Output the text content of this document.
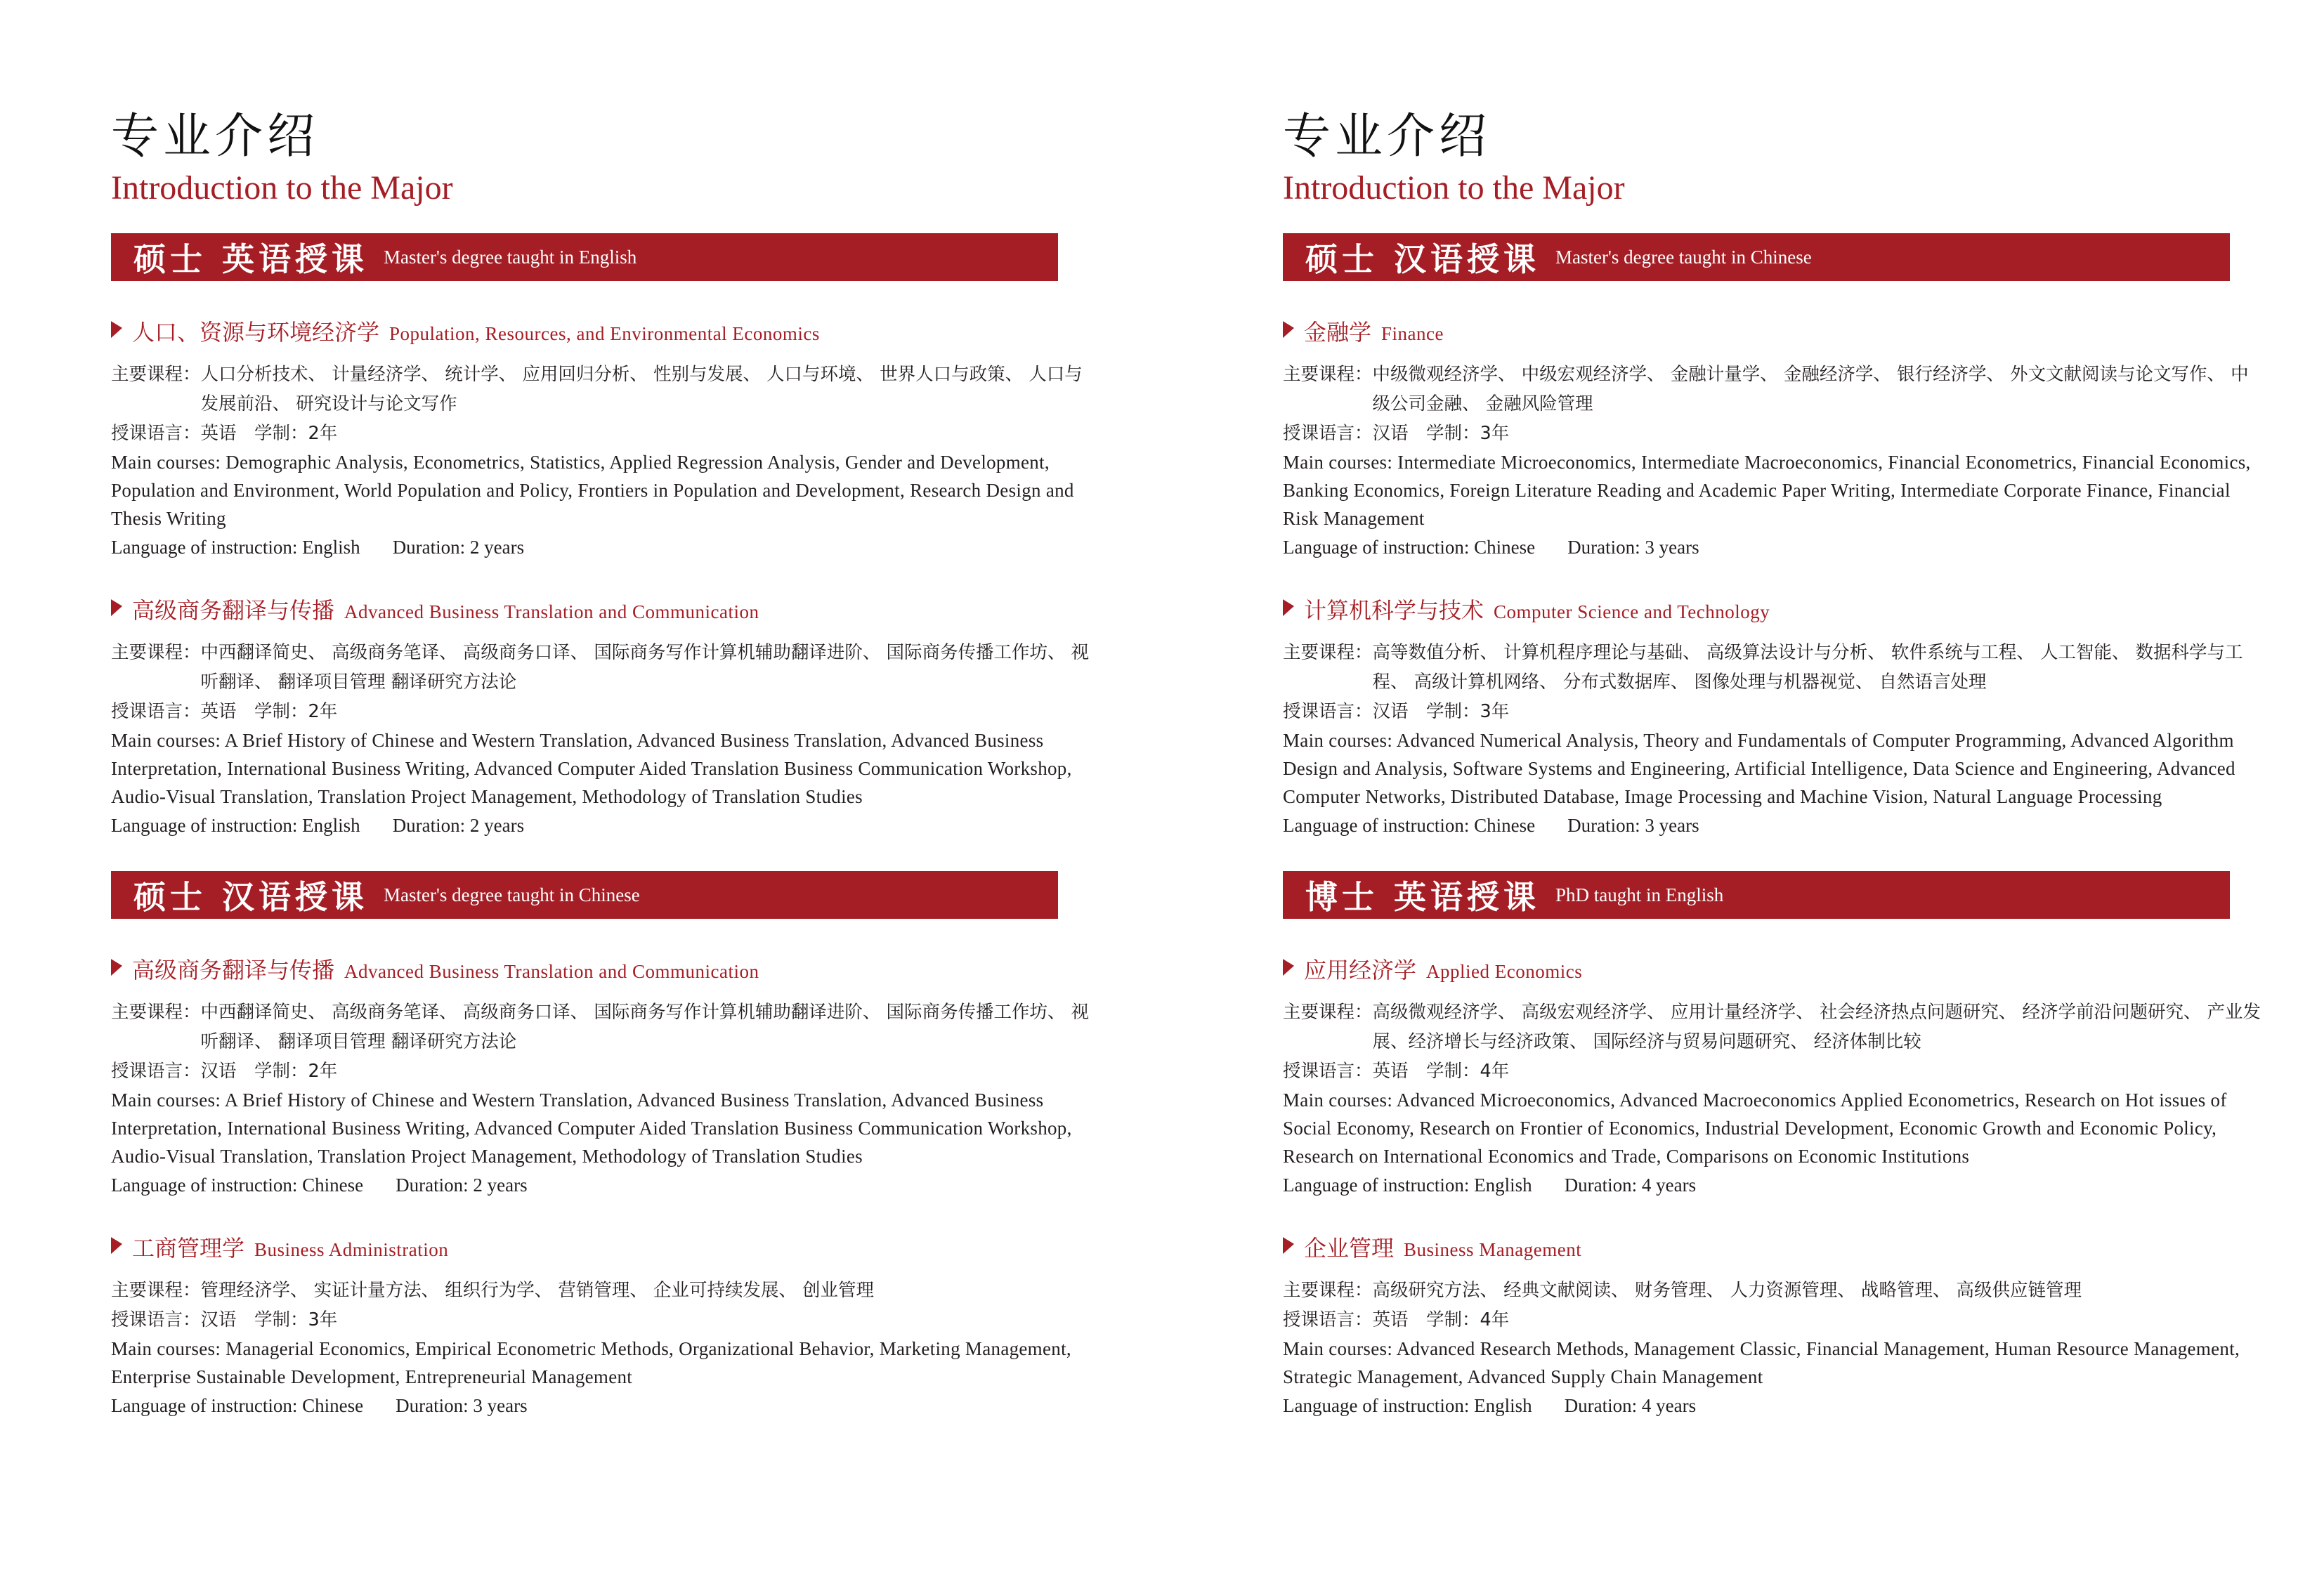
专业介绍
Introduction to the Major
硕士 英语授课 Master's degree taught in English
人口、资源与环境经济学 Population, Resources, and Environmental Economics
主要课程： 人口分析技术、 计量经济学、 统计学、 应用回归分析、 性别与发展、 人口与环境、 世界人口与政策、 人口与发展前沿、 研究设计与论文写作
授课语言：英语　学制：2年
Main courses: Demographic Analysis, Econometrics, Statistics, Applied Regression Analysis, Gender and Development, Population and Environment, World Population and Policy, Frontiers in Population and Development, Research Design and Thesis Writing
Language of instruction: English Duration: 2 years
高级商务翻译与传播 Advanced Business Translation and Communication
主要课程： 中西翻译简史、 高级商务笔译、 高级商务口译、 国际商务写作计算机辅助翻译进阶、 国际商务传播工作坊、 视听翻译、 翻译项目管理 翻译研究方法论
授课语言：英语　学制：2年
Main courses: A Brief History of Chinese and Western Translation, Advanced Business Translation, Advanced Business Interpretation, International Business Writing, Advanced Computer Aided Translation Business Communication Workshop, Audio-Visual Translation, Translation Project Management, Methodology of Translation Studies
Language of instruction: English Duration: 2 years
硕士 汉语授课 Master's degree taught in Chinese
高级商务翻译与传播 Advanced Business Translation and Communication
主要课程： 中西翻译简史、 高级商务笔译、 高级商务口译、 国际商务写作计算机辅助翻译进阶、 国际商务传播工作坊、 视听翻译、 翻译项目管理 翻译研究方法论
授课语言：汉语　学制：2年
Main courses: A Brief History of Chinese and Western Translation, Advanced Business Translation, Advanced Business Interpretation, International Business Writing, Advanced Computer Aided Translation Business Communication Workshop, Audio-Visual Translation, Translation Project Management, Methodology of Translation Studies
Language of instruction: Chinese Duration: 2 years
工商管理学 Business Administration
主要课程： 管理经济学、 实证计量方法、 组织行为学、 营销管理、 企业可持续发展、 创业管理
授课语言：汉语　学制：3年
Main courses: Managerial Economics, Empirical Econometric Methods, Organizational Behavior, Marketing Management, Enterprise Sustainable Development, Entrepreneurial Management
Language of instruction: Chinese Duration: 3 years
专业介绍
Introduction to the Major
硕士 汉语授课 Master's degree taught in Chinese
金融学 Finance
主要课程： 中级微观经济学、 中级宏观经济学、 金融计量学、 金融经济学、 银行经济学、 外文文献阅读与论文写作、 中级公司金融、 金融风险管理
授课语言：汉语　学制：3年
Main courses: Intermediate Microeconomics, Intermediate Macroeconomics, Financial Econometrics, Financial Economics, Banking Economics, Foreign Literature Reading and Academic Paper Writing, Intermediate Corporate Finance, Financial Risk Management
Language of instruction: Chinese Duration: 3 years
计算机科学与技术 Computer Science and Technology
主要课程： 高等数值分析、 计算机程序理论与基础、 高级算法设计与分析、 软件系统与工程、 人工智能、 数据科学与工程、 高级计算机网络、 分布式数据库、 图像处理与机器视觉、 自然语言处理
授课语言：汉语　学制：3年
Main courses: Advanced Numerical Analysis, Theory and Fundamentals of Computer Programming, Advanced Algorithm Design and Analysis, Software Systems and Engineering, Artificial Intelligence, Data Science and Engineering, Advanced Computer Networks, Distributed Database, Image Processing and Machine Vision, Natural Language Processing
Language of instruction: Chinese Duration: 3 years
博士 英语授课 PhD taught in English
应用经济学 Applied Economics
主要课程： 高级微观经济学、 高级宏观经济学、 应用计量经济学、 社会经济热点问题研究、 经济学前沿问题研究、 产业发展、经济增长与经济政策、 国际经济与贸易问题研究、 经济体制比较
授课语言：英语　学制：4年
Main courses: Advanced Microeconomics, Advanced Macroeconomics Applied Econometrics, Research on Hot issues of Social Economy, Research on Frontier of Economics, Industrial Development, Economic Growth and Economic Policy, Research on International Economics and Trade, Comparisons on Economic Institutions
Language of instruction: English Duration: 4 years
企业管理 Business Management
主要课程： 高级研究方法、 经典文献阅读、 财务管理、 人力资源管理、 战略管理、 高级供应链管理
授课语言：英语　学制：4年
Main courses: Advanced Research Methods, Management Classic, Financial Management, Human Resource Management, Strategic Management, Advanced Supply Chain Management
Language of instruction: English Duration: 4 years
